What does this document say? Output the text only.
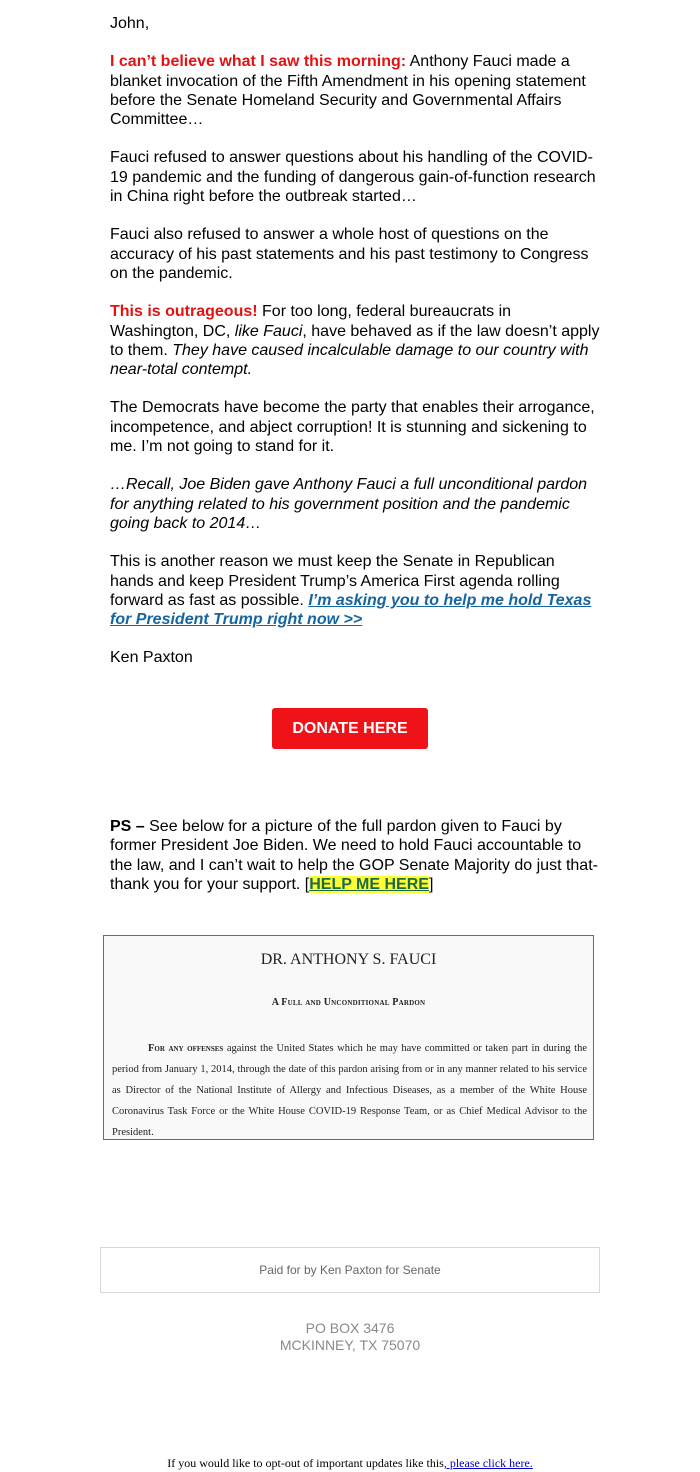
John,

I can’t believe what I saw this morning: Anthony Fauci made a blanket invocation of the Fifth Amendment in his opening statement before the Senate Homeland Security and Governmental Affairs Committee…

Fauci refused to answer questions about his handling of the COVID-19 pandemic and the funding of dangerous gain-of-function research in China right before the outbreak started…

Fauci also refused to answer a whole host of questions on the accuracy of his past statements and his past testimony to Congress on the pandemic.

This is outrageous! For too long, federal bureaucrats in Washington, DC, like Fauci, have behaved as if the law doesn’t apply to them. They have caused incalculable damage to our country with near-total contempt.

The Democrats have become the party that enables their arrogance, incompetence, and abject corruption! It is stunning and sickening to me. I’m not going to stand for it.

…Recall, Joe Biden gave Anthony Fauci a full unconditional pardon for anything related to his government position and the pandemic going back to 2014…

This is another reason we must keep the Senate in Republican hands and keep President Trump’s America First agenda rolling forward as fast as possible. I’m asking you to help me hold Texas for President Trump right now >>

Ken Paxton

DONATE HERE
PS – See below for a picture of the full pardon given to Fauci by former President Joe Biden. We need to hold Fauci accountable to the law, and I can’t wait to help the GOP Senate Majority do just that- thank you for your support. [HELP ME HERE]
DR. ANTHONY S. FAUCI
A Full and Unconditional Pardon
For any offenses against the United States which he may have committed or taken part in during the period from January 1, 2014, through the date of this pardon arising from or in any manner related to his service as Director of the National Institute of Allergy and Infectious Diseases, as a member of the White House Coronavirus Task Force or the White House COVID-19 Response Team, or as Chief Medical Advisor to the President.
Paid for by Ken Paxton for Senate
PO BOX 3476
MCKINNEY, TX 75070
If you would like to opt-out of important updates like this, please click here.
